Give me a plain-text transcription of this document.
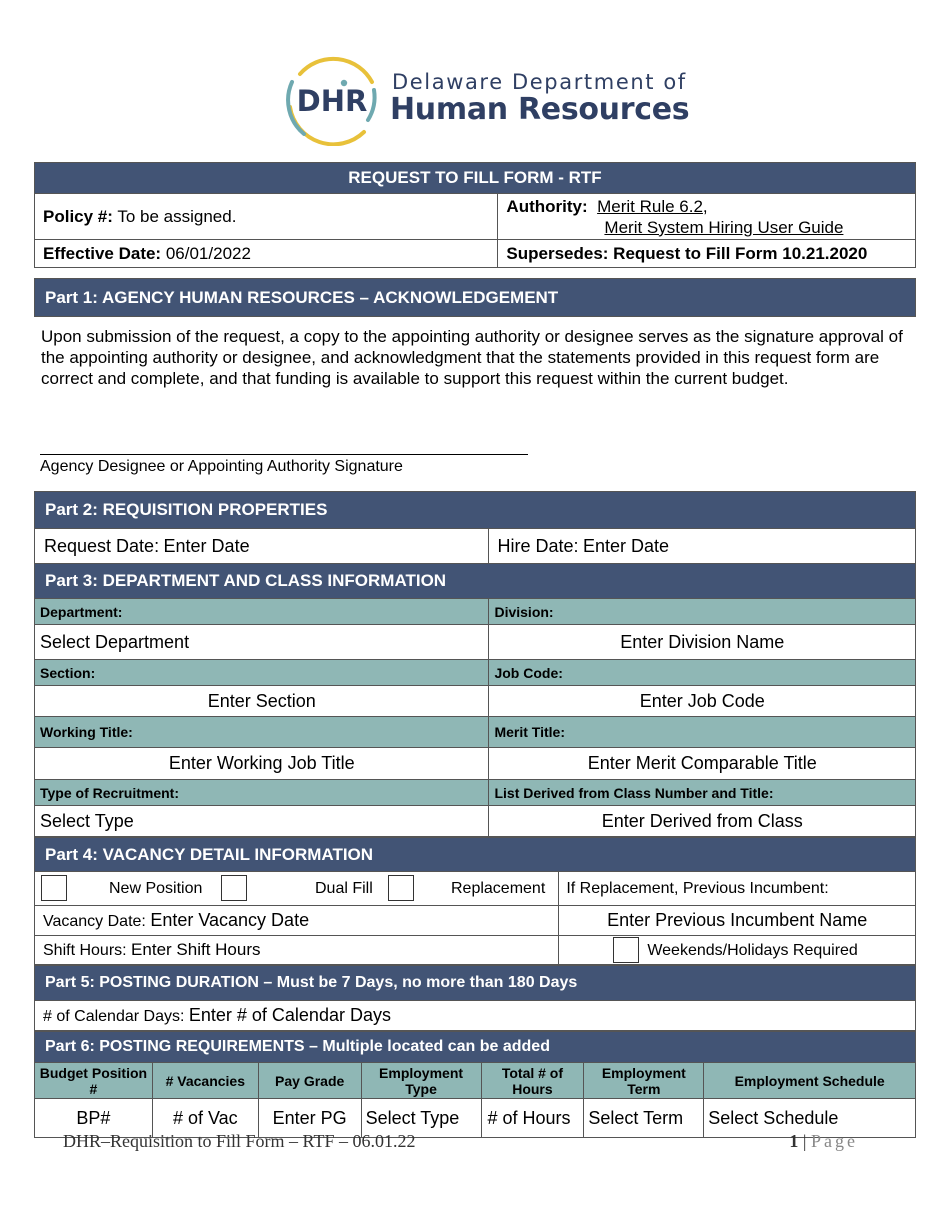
DHR
Delaware Department of
Human Resources
REQUEST TO FILL FORM - RTF	
Policy #: To be assigned.	Authority: Merit Rule 6.2,
Merit System Hiring User Guide
Effective Date: 06/01/2022	Supersedes: Request to Fill Form 10.21.2020
Part 1: AGENCY HUMAN RESOURCES – ACKNOWLEDGEMENT

Upon submission of the request, a copy to the appointing authority or designee serves as the signature approval of the appointing authority or designee, and acknowledgment that the statements provided in this request form are correct and complete, and that funding is available to support this request within the current budget.

Agency Designee or Appointing Authority Signature
Part 2: REQUISITION PROPERTIES	
Request Date: Enter Date	Hire Date: Enter Date
Part 3: DEPARTMENT AND CLASS INFORMATION	
Department:	Division:
Select Department	Enter Division Name
Section:	Job Code:
Enter Section	Enter Job Code
Working Title:	Merit Title:
Enter Working Job Title	Enter Merit Comparable Title
Type of Recruitment:	List Derived from Class Number and Title:
Select Type	Enter Derived from Class
Part 4: VACANCY DETAIL INFORMATION	

New Position Dual Fill Replacement	If Replacement, Previous Incumbent:
Vacancy Date: Enter Vacancy Date	Enter Previous Incumbent Name
Shift Hours: Enter Shift Hours	Weekends/Holidays Required
Part 5: POSTING DURATION – Must be 7 Days, no more than 180 Days
# of Calendar Days: Enter # of Calendar Days
Part 6: POSTING REQUIREMENTS – Multiple located can be added						
Budget Position #	# Vacancies	Pay Grade	Employment Type	Total # of Hours	Employment Term	Employment Schedule
BP#	# of Vac	Enter PG	Select Type	# of Hours	Select Term	Select Schedule
DHR–Requisition to Fill Form – RTF – 06.01.22	1 | Page
